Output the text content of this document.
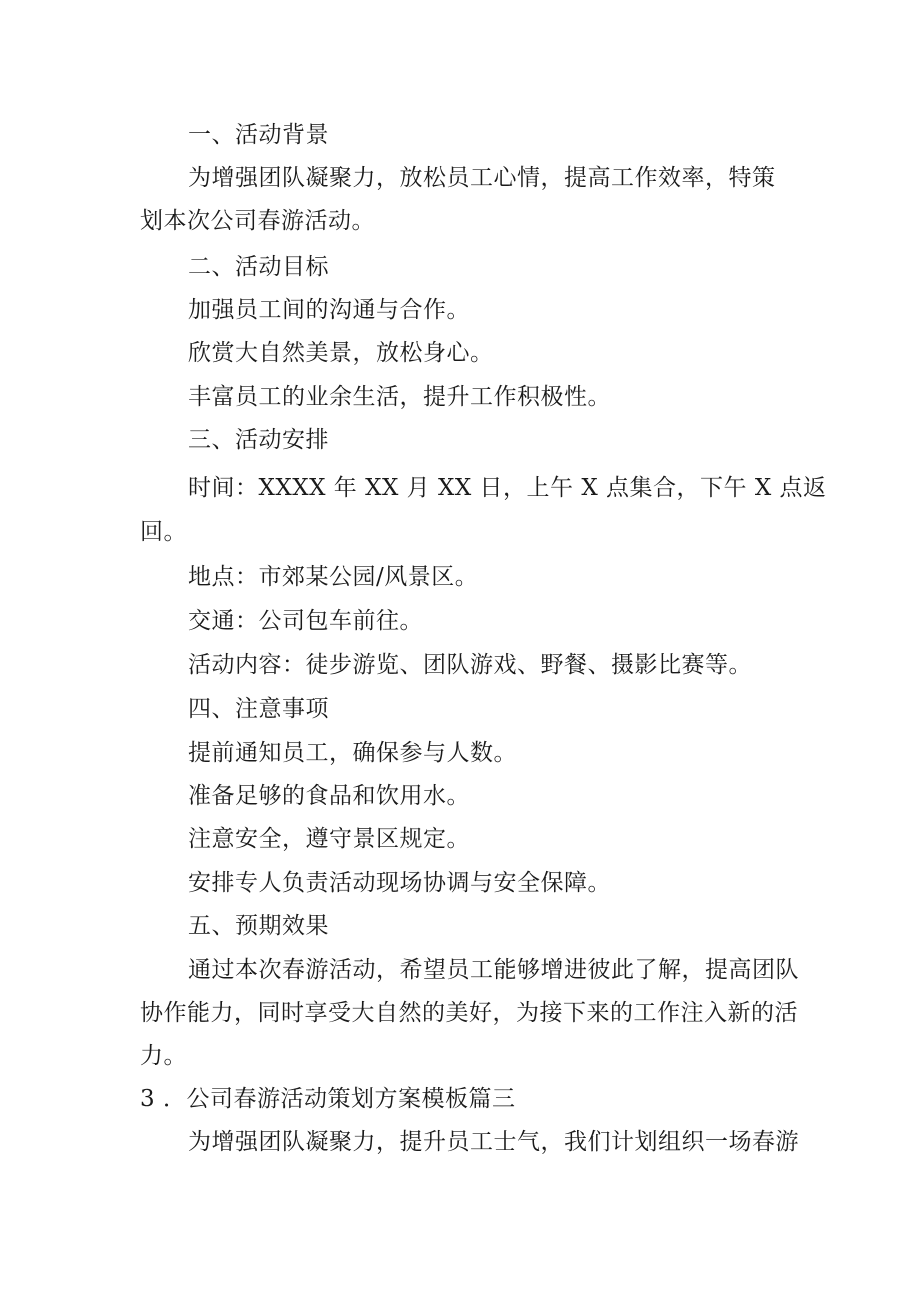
一、活动背景
为增强团队凝聚力，放松员工心情，提高工作效率，特策
划本次公司春游活动。
二、活动目标
加强员工间的沟通与合作。
欣赏大自然美景，放松身心。
丰富员工的业余生活，提升工作积极性。
三、活动安排
时间：XXXX 年 XX 月 XX 日，上午 X 点集合，下午 X 点返
回。
地点：市郊某公园/风景区。
交通：公司包车前往。
活动内容：徒步游览、团队游戏、野餐、摄影比赛等。
四、注意事项
提前通知员工，确保参与人数。
准备足够的食品和饮用水。
注意安全，遵守景区规定。
安排专人负责活动现场协调与安全保障。
五、预期效果
通过本次春游活动，希望员工能够增进彼此了解，提高团队
协作能力，同时享受大自然的美好，为接下来的工作注入新的活
力。
3 ．公司春游活动策划方案模板篇三
为增强团队凝聚力，提升员工士气，我们计划组织一场春游
